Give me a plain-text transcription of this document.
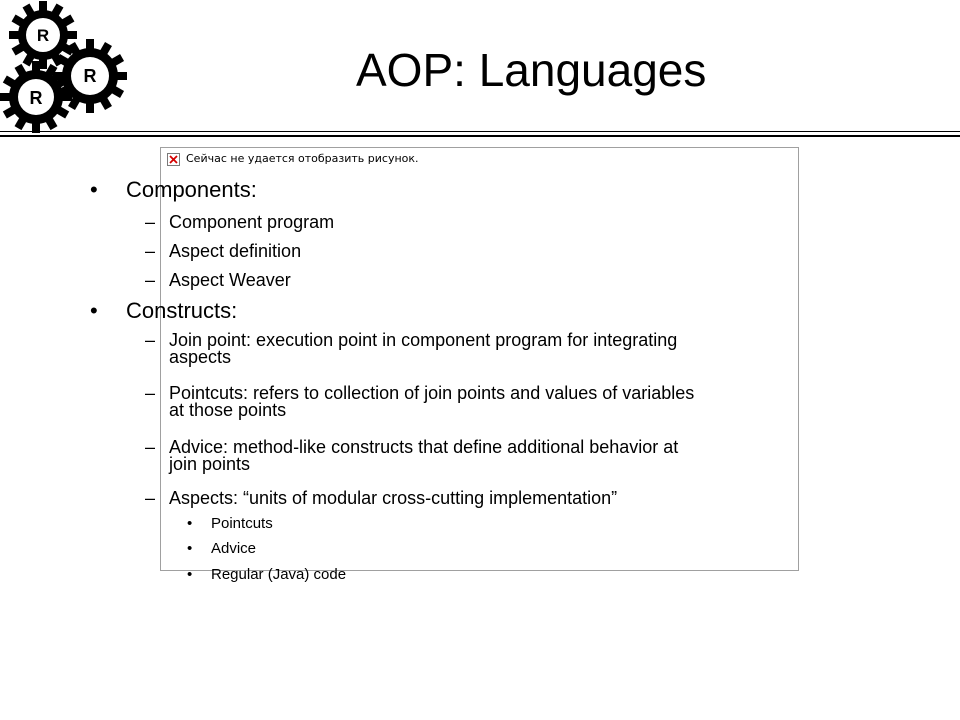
R
R
R
AOP: Languages
Сейчас не удается отобразить рисунок.
• Components:
– Component program
– Aspect definition
– Aspect Weaver
• Constructs:
– Join point: execution point in component program for integrating
aspects
– Pointcuts: refers to collection of join points and values of variables
at those points
– Advice: method-like constructs that define additional behavior at
join points
– Aspects: “units of modular cross-cutting implementation”
• Pointcuts
• Advice
• Regular (Java) code
